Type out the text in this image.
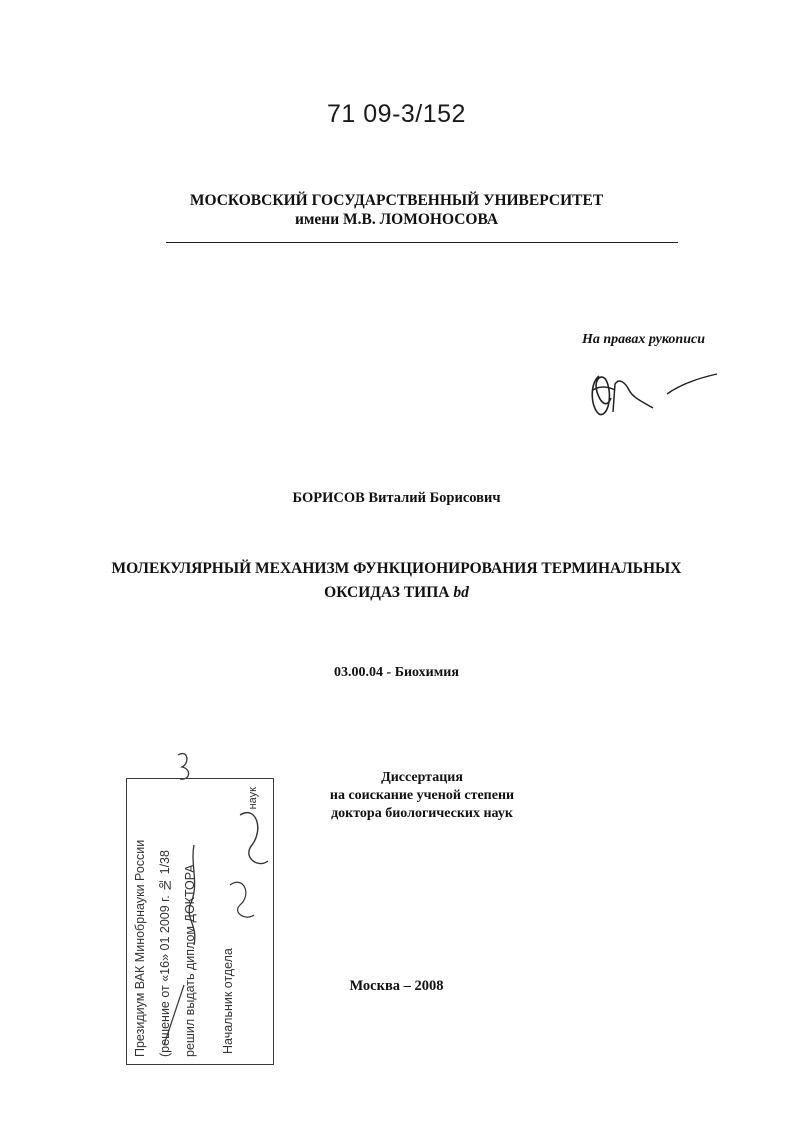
71 09-3/152
МОСКОВСКИЙ ГОСУДАРСТВЕННЫЙ УНИВЕРСИТЕТ
имени М.В. ЛОМОНОСОВА
На правах рукописи
БОРИСОВ Виталий Борисович
МОЛЕКУЛЯРНЫЙ МЕХАНИЗМ ФУНКЦИОНИРОВАНИЯ ТЕРМИНАЛЬНЫХ
ОКСИДАЗ ТИПА bd
03.00.04 - Биохимия
Диссертация
на соискание ученой степени
доктора биологических наук
Москва – 2008
Президиум ВАК Минобрнауки России (решение от «16» 01 2009 г. № 1/38 решил выдать диплом ДОКТОРА Начальник отдела
наук
